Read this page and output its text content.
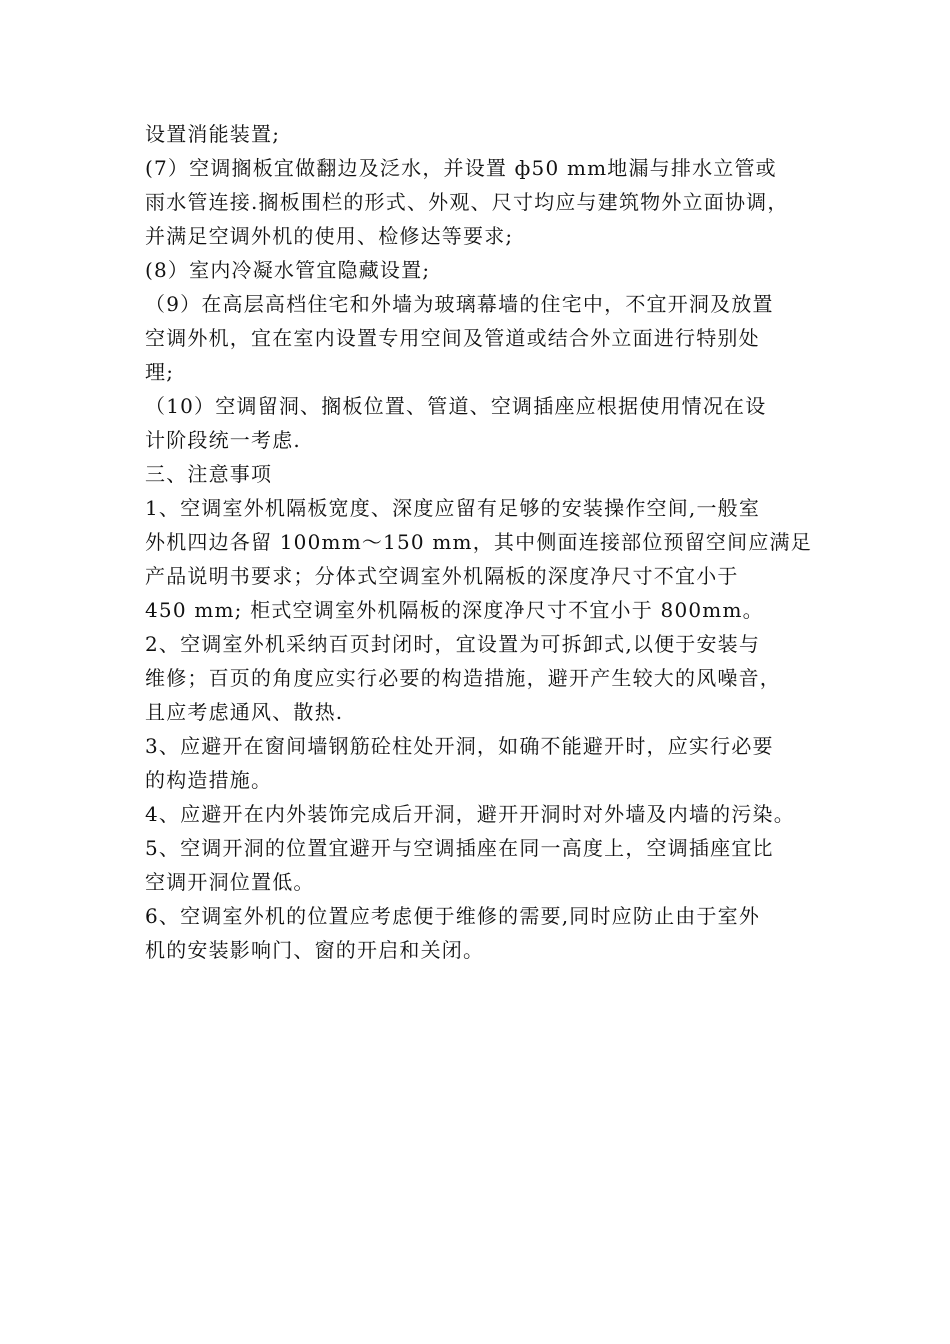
设置消能装置;
(7）空调搁板宜做翻边及泛水，并设置 ф50 mm地漏与排水立管或
雨水管连接.搁板围栏的形式、外观、尺寸均应与建筑物外立面协调，
并满足空调外机的使用、检修达等要求;
(8）室内冷凝水管宜隐藏设置;
（9）在高层高档住宅和外墙为玻璃幕墙的住宅中，不宜开洞及放置
空调外机，宜在室内设置专用空间及管道或结合外立面进行特别处
理;
（10）空调留洞、搁板位置、管道、空调插座应根据使用情况在设
计阶段统一考虑.
三、注意事项
1、空调室外机隔板宽度、深度应留有足够的安装操作空间,一般室
外机四边各留 100mm～150 mm，其中侧面连接部位预留空间应满足
产品说明书要求；分体式空调室外机隔板的深度净尺寸不宜小于
450 mm; 柜式空调室外机隔板的深度净尺寸不宜小于 800mm。
2、空调室外机采纳百页封闭时，宜设置为可拆卸式,以便于安装与
维修；百页的角度应实行必要的构造措施，避开产生较大的风噪音，
且应考虑通风、散热.
3、应避开在窗间墙钢筋砼柱处开洞，如确不能避开时，应实行必要
的构造措施。
4、应避开在内外装饰完成后开洞，避开开洞时对外墙及内墙的污染。
5、空调开洞的位置宜避开与空调插座在同一高度上，空调插座宜比
空调开洞位置低。
6、空调室外机的位置应考虑便于维修的需要,同时应防止由于室外
机的安装影响门、窗的开启和关闭。
